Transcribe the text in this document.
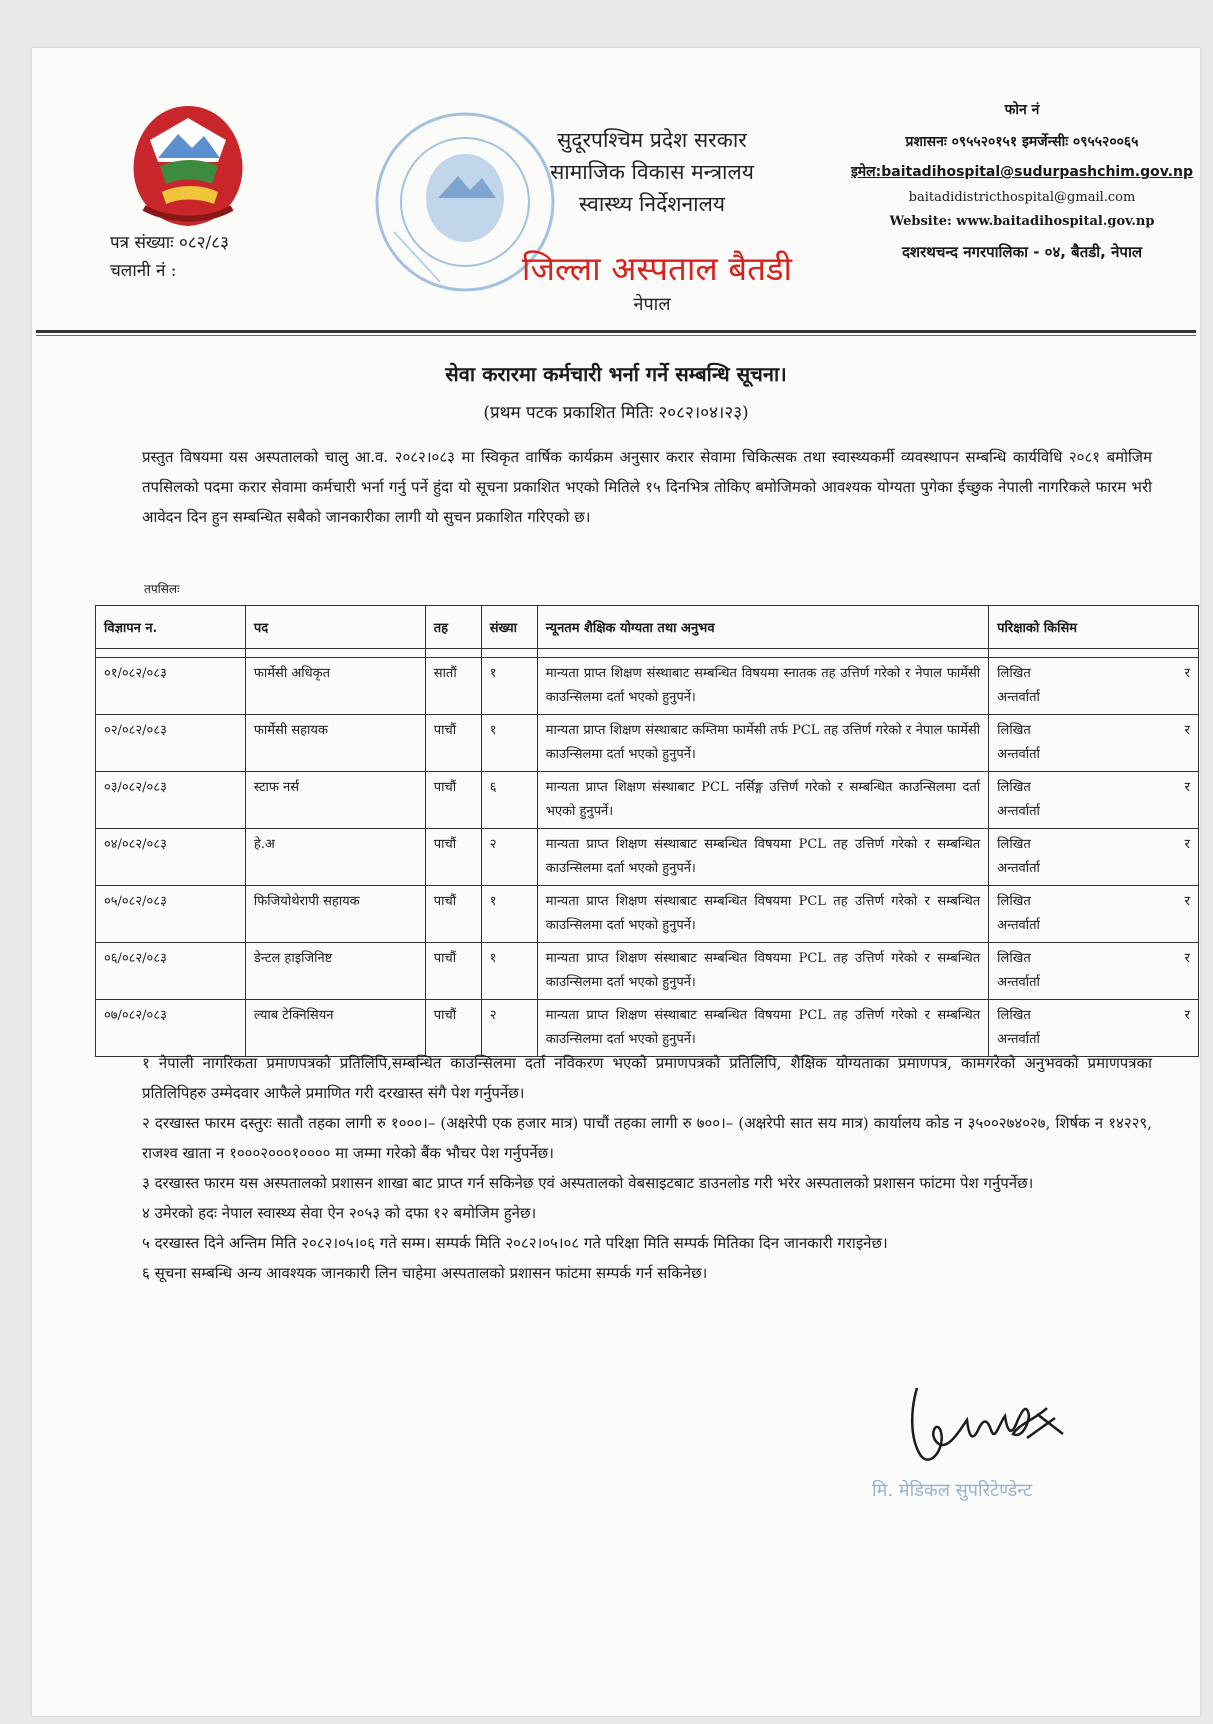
सुदूरपश्चिम प्रदेश सरकार
सामाजिक विकास मन्त्रालय
स्वास्थ्य निर्देशनालय
जिल्ला अस्पताल बैतडी
नेपाल
फोन नं
प्रशासनः ०९५५२०१५१ इमर्जेन्सीः ०९५५२००६५
इमेल:baitadihospital@sudurpashchim.gov.np
baitadidistricthospital@gmail.com
Website: www.baitadihospital.gov.np
दशरथचन्द नगरपालिका - ०४, बैतडी, नेपाल
पत्र संख्याः ०८२/८३
चलानी नं :
सेवा करारमा कर्मचारी भर्ना गर्ने सम्बन्धि सूचना।
(प्रथम पटक प्रकाशित मितिः २०८२।०४।२३)
प्रस्तुत विषयमा यस अस्पतालको चालु आ.व. २०८२।०८३ मा स्विकृत वार्षिक कार्यक्रम अनुसार करार सेवामा चिकित्सक तथा स्वास्थ्यकर्मी व्यवस्थापन सम्बन्धि कार्यविधि २०८१ बमोजिम तपसिलको पदमा करार सेवामा कर्मचारी भर्ना गर्नु पर्ने हुंदा यो सूचना प्रकाशित भएको मितिले १५ दिनभित्र तोकिए बमोजिमको आवश्यक योग्यता पुगेका ईच्छुक नेपाली नागरिकले फारम भरी आवेदन दिन हुन सम्बन्धित सबैको जानकारीका लागी यो सुचन प्रकाशित गरिएको छ।
तपसिलः
विज्ञापन न.	पद	तह	संख्या	न्यूनतम शैक्षिक योग्यता तथा अनुभव	परिक्षाको किसिम

०१/०८२/०८३	फार्मेसी अधिकृत	सातौं	१	मान्यता प्राप्त शिक्षण संस्थाबाट सम्बन्धित विषयमा स्नातक तह उत्तिर्ण गरेको र नेपाल फार्मेसी काउन्सिलमा दर्ता भएको हुनुपर्ने।	लिखित र
अन्तर्वार्ता

०२/०८२/०८३	फार्मेसी सहायक	पाचौं	१	मान्यता प्राप्त शिक्षण संस्थाबाट कम्तिमा फार्मेसी तर्फ PCL तह उत्तिर्ण गरेको र नेपाल फार्मेसी काउन्सिलमा दर्ता भएको हुनुपर्ने।	लिखित र
अन्तर्वार्ता

०३/०८२/०८३	स्टाफ नर्स	पाचौं	६	मान्यता प्राप्त शिक्षण संस्थाबाट PCL नर्सिङ्ग उत्तिर्ण गरेको र सम्बन्धित काउन्सिलमा दर्ता भएको हुनुपर्ने।	लिखित र
अन्तर्वार्ता

०४/०८२/०८३	हे.अ	पाचौं	२	मान्यता प्राप्त शिक्षण संस्थाबाट सम्बन्धित विषयमा PCL तह उत्तिर्ण गरेको र सम्बन्धित काउन्सिलमा दर्ता भएको हुनुपर्ने।	लिखित र
अन्तर्वार्ता

०५/०८२/०८३	फिजियोथेरापी सहायक	पाचौं	१	मान्यता प्राप्त शिक्षण संस्थाबाट सम्बन्धित विषयमा PCL तह उत्तिर्ण गरेको र सम्बन्धित काउन्सिलमा दर्ता भएको हुनुपर्ने।	लिखित र
अन्तर्वार्ता

०६/०८२/०८३	डेन्टल हाइजिनिष्ट	पाचौं	१	मान्यता प्राप्त शिक्षण संस्थाबाट सम्बन्धित विषयमा PCL तह उत्तिर्ण गरेको र सम्बन्धित काउन्सिलमा दर्ता भएको हुनुपर्ने।	लिखित र
अन्तर्वार्ता

०७/०८२/०८३	ल्याब टेक्निसियन	पाचौं	२	मान्यता प्राप्त शिक्षण संस्थाबाट सम्बन्धित विषयमा PCL तह उत्तिर्ण गरेको र सम्बन्धित काउन्सिलमा दर्ता भएको हुनुपर्ने।	लिखित र
अन्तर्वार्ता

१ नेपाली नागरिकता प्रमाणपत्रको प्रतिलिपि,सम्बन्धित काउन्सिलमा दर्ता नविकरण भएको प्रमाणपत्रको प्रतिलिपि, शैक्षिक योग्यताका प्रमाणपत्र, कामगरेको अनुभवको प्रमाणपत्रका प्रतिलिपिहरु उम्मेदवार आफैले प्रमाणित गरी दरखास्त संगै पेश गर्नुपर्नेछ।

२ दरखास्त फारम दस्तुरः सातौ तहका लागी रु १०००।– (अक्षरेपी एक हजार मात्र) पाचौं तहका लागी रु ७००।– (अक्षरेपी सात सय मात्र) कार्यालय कोड न ३५००२७४०२७, शिर्षक न १४२२९, राजश्व खाता न १०००२०००१०००० मा जम्मा गरेको बैंक भौचर पेश गर्नुपर्नेछ।

३ दरखास्त फारम यस अस्पतालको प्रशासन शाखा बाट प्राप्त गर्न सकिनेछ एवं अस्पतालको वेबसाइटबाट डाउनलोड गरी भरेर अस्पतालको प्रशासन फांटमा पेश गर्नुपर्नेछ।

४ उमेरको हदः नेपाल स्वास्थ्य सेवा ऐन २०५३ को दफा १२ बमोजिम हुनेछ।

५ दरखास्त दिने अन्तिम मिति २०८२।०५।०६ गते सम्म। सम्पर्क मिति २०८२।०५।०८ गते परिक्षा मिति सम्पर्क मितिका दिन जानकारी गराइनेछ।

६ सूचना सम्बन्धि अन्य आवश्यक जानकारी लिन चाहेमा अस्पतालको प्रशासन फांटमा सम्पर्क गर्न सकिनेछ।

मि. मेडिकल सुपरिटेण्डेन्ट
